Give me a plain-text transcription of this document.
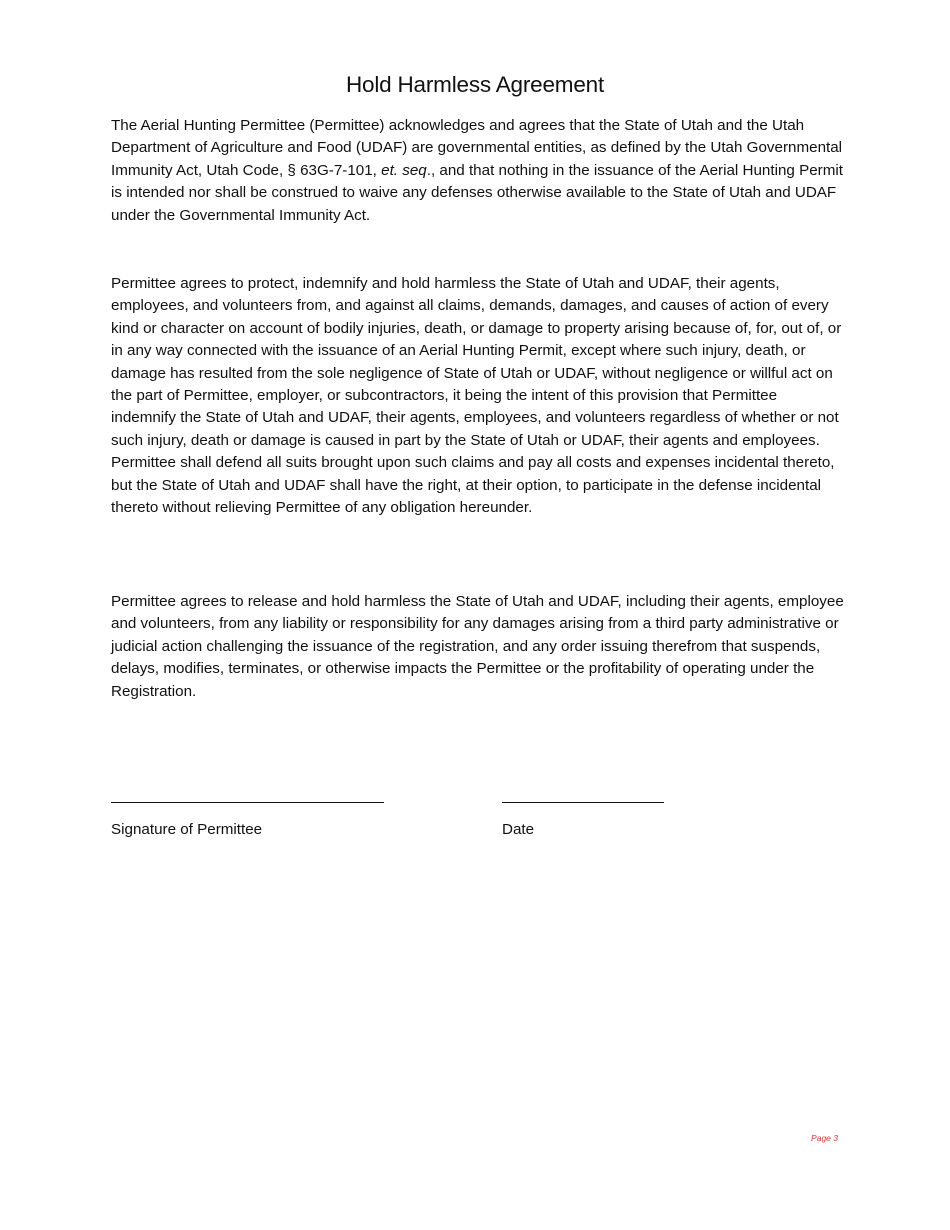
Hold Harmless Agreement

The Aerial Hunting Permittee (Permittee) acknowledges and agrees that the State of Utah and the Utah Department of Agriculture and Food (UDAF) are governmental entities, as defined by the Utah Governmental Immunity Act, Utah Code, § 63G-7-101, et. seq., and that nothing in the issuance of the Aerial Hunting Permit is intended nor shall be construed to waive any defenses otherwise available to the State of Utah and UDAF under the Governmental Immunity Act.

Permittee agrees to protect, indemnify and hold harmless the State of Utah and UDAF, their agents, employees, and volunteers from, and against all claims, demands, damages, and causes of action of every kind or character on account of bodily injuries, death, or damage to property arising because of, for, out of, or in any way connected with the issuance of an Aerial Hunting Permit, except where such injury, death, or damage has resulted from the sole negligence of State of Utah or UDAF, without negligence or willful act on the part of Permittee, employer, or subcontractors, it being the intent of this provision that Permittee indemnify the State of Utah and UDAF, their agents, employees, and volunteers regardless of whether or not such injury, death or damage is caused in part by the State of Utah or UDAF, their agents and employees. Permittee shall defend all suits brought upon such claims and pay all costs and expenses incidental thereto, but the State of Utah and UDAF shall have the right, at their option, to participate in the defense incidental thereto without relieving Permittee of any obligation hereunder.

Permittee agrees to release and hold harmless the State of Utah and UDAF, including their agents, employee and volunteers, from any liability or responsibility for any damages arising from a third party administrative or judicial action challenging the issuance of the registration, and any order issuing therefrom that suspends, delays, modifies, terminates, or otherwise impacts the Permittee or the profitability of operating under the Registration.

Signature of Permittee	Date
Page 3
